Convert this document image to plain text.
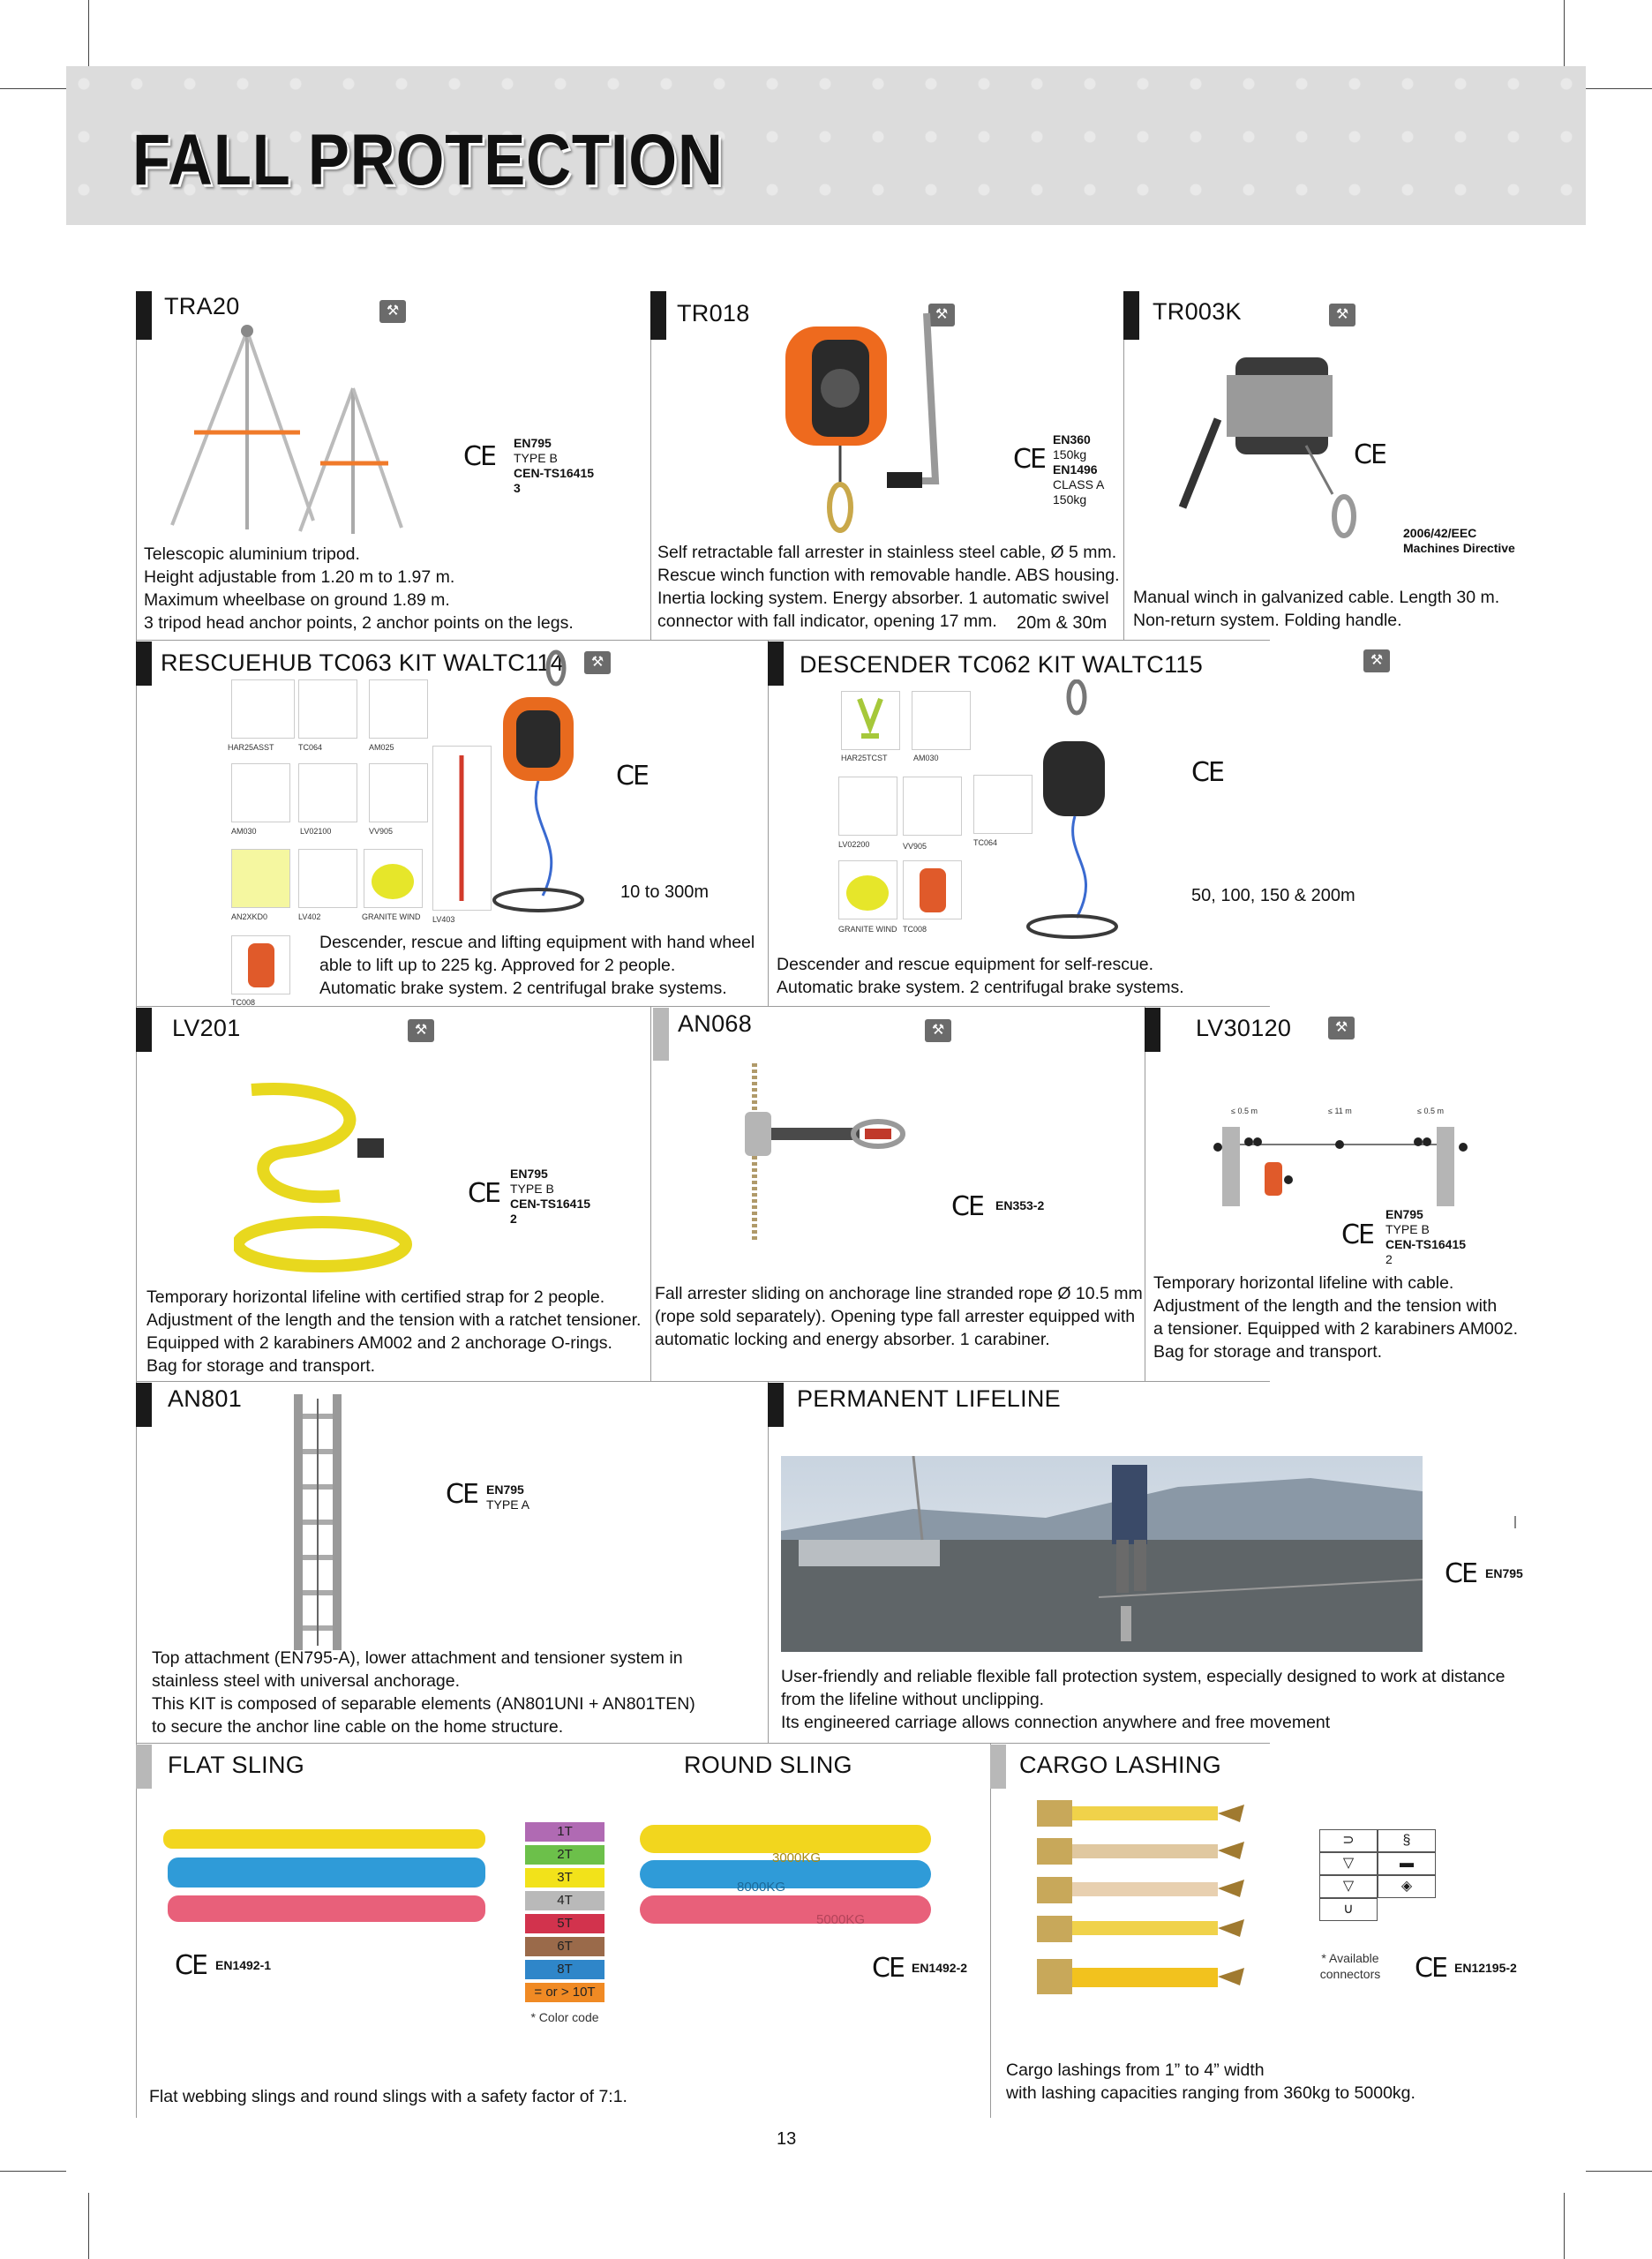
FALL PROTECTION
TRA20	⚒
CE EN795
TYPE B
CEN-TS16415
3
Telescopic aluminium tripod.
Height adjustable from 1.20 m to 1.97 m.
Maximum wheelbase on ground 1.89 m.
3 tripod head anchor points, 2 anchor points on the legs.
TR018	⚒
CE
EN360
150kg
EN1496
CLASS A
150kg
Self retractable fall arrester in stainless steel cable, Ø 5 mm.
Rescue winch function with removable handle. ABS housing.
Inertia locking system. Energy absorber. 1 automatic swivel
connector with fall indicator, opening 17 mm.	20m & 30m
TR003K	⚒
CE
2006/42/EEC
Machines Directive
Manual winch in galvanized cable. Length 30 m.
Non-return system. Folding handle.
RESCUEHUB TC063 KIT WALTC114	⚒
HAR25ASST	TC064	AM025
AM030	LV02100	VV905
AN2XKD0	LV402	GRANITE WIND LV403
TC008
CE
10 to 300m
Descender, rescue and lifting equipment with hand wheel
able to lift up to 225 kg. Approved for 2 people.
Automatic brake system. 2 centrifugal brake systems.
DESCENDER TC062 KIT WALTC115	⚒
HAR25TCST	AM030
LV02200	VV905	TC064
GRANITE WIND TC008
CE
50, 100, 150 & 200m
Descender and rescue equipment for self-rescue.
Automatic brake system. 2 centrifugal brake systems.
LV201	⚒
CE
EN795
TYPE B
CEN-TS16415
2
Temporary horizontal lifeline with certified strap for 2 people.
Adjustment of the length and the tension with a ratchet tensioner.
Equipped with 2 karabiners AM002 and 2 anchorage O-rings.
Bag for storage and transport.
AN068	⚒
CE EN353-2
Fall arrester sliding on anchorage line stranded rope Ø 10.5 mm
(rope sold separately). Opening type fall arrester equipped with
automatic locking and energy absorber. 1 carabiner.
LV30120	⚒
≤ 0.5 m	≤ 11 m	≤ 0.5 m
CE
EN795
TYPE B
CEN-TS16415
2
Temporary horizontal lifeline with cable.
Adjustment of the length and the tension with
a tensioner. Equipped with 2 karabiners AM002.
Bag for storage and transport.
AN801
CE EN795
TYPE A
Top attachment (EN795-A), lower attachment and tensioner system in
stainless steel with universal anchorage.
This KIT is composed of separable elements (AN801UNI + AN801TEN)
to secure the anchor line cable on the home structure.
PERMANENT LIFELINE
CE EN795
User-friendly and reliable flexible fall protection system, especially designed to work at distance
from the lifeline without unclipping.
Its engineered carriage allows connection anywhere and free movement
FLAT SLING
CE EN1492-1
1T
2T
3T
4T
5T
6T
8T
= or > 10T
* Color code
ROUND SLING
3000KG
8000KG
5000KG
CE EN1492-2
Flat webbing slings and round slings with a safety factor of 7:1.
CARGO LASHING
⊃	§
▽	▬
▽	◈
∪
* Available
connectors	CE EN12195-2
Cargo lashings from 1” to 4” width
with lashing capacities ranging from 360kg to 5000kg.
13
